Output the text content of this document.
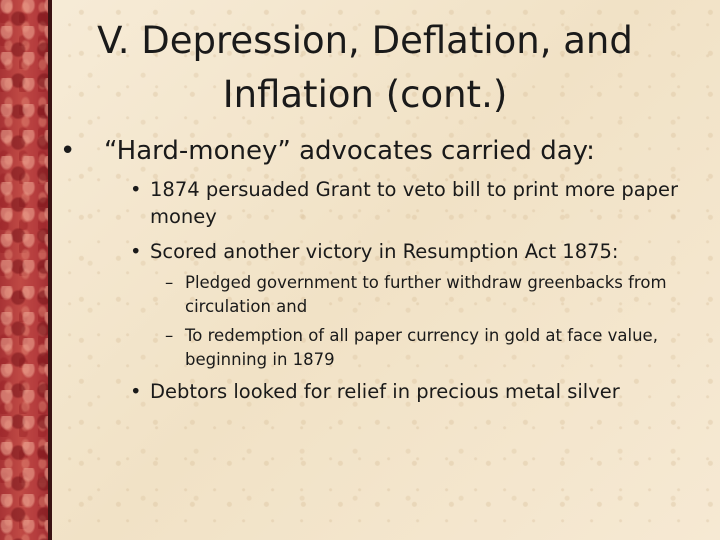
V. Depression, Deflation, and
Inflation (cont.)
•	“Hard-money” advocates carried day:
• 1874 persuaded Grant to veto bill to print more paper money
• Scored another victory in Resumption Act 1875:
– Pledged government to further withdraw greenbacks from circulation and
– To redemption of all paper currency in gold at face value, beginning in 1879
• Debtors looked for relief in precious metal silver
